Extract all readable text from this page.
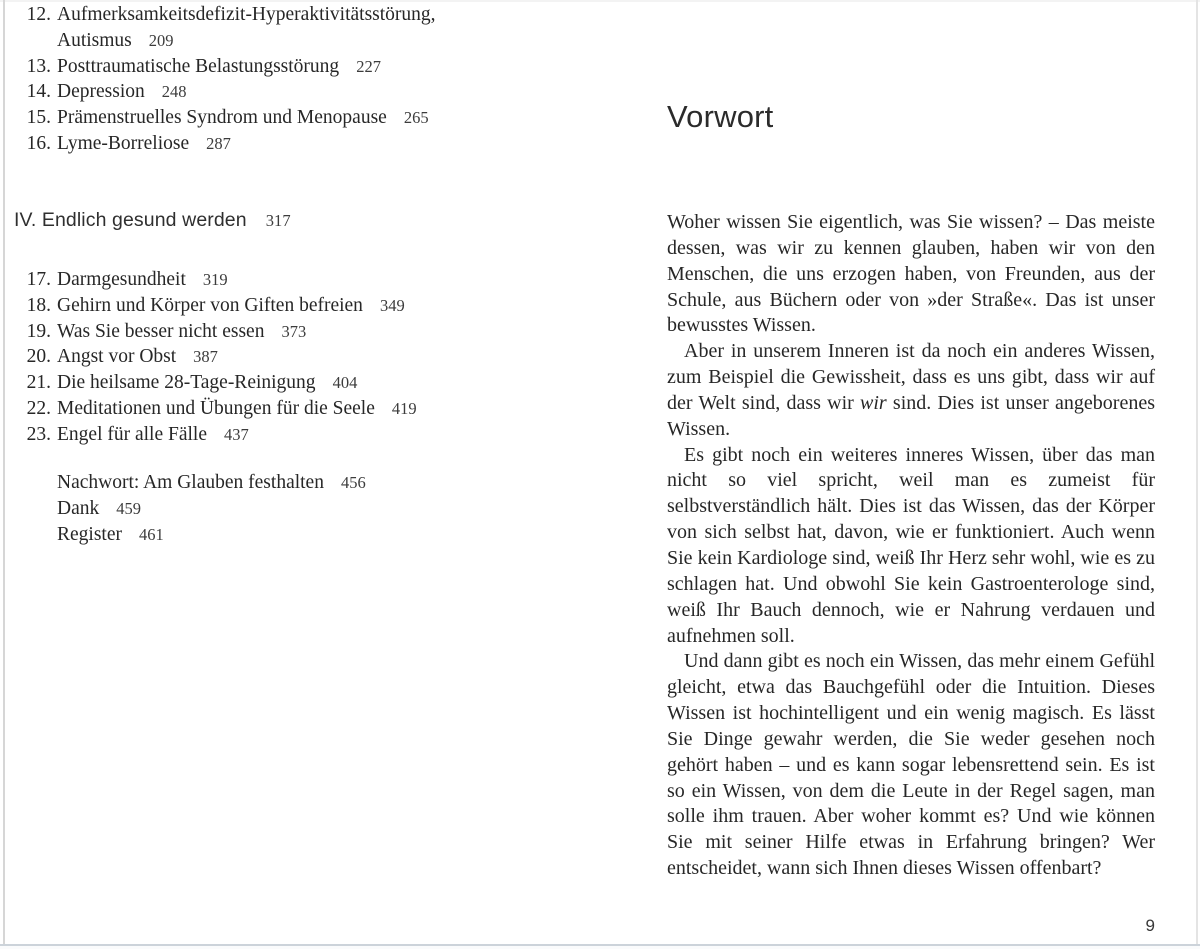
12. Aufmerksamkeitsdefizit-Hyperaktivitätsstörung,
Autismus 209
13. Posttraumatische Belastungsstörung 227
14. Depression 248
15. Prämenstruelles Syndrom und Menopause 265
16. Lyme-Borreliose 287
IV. Endlich gesund werden 317
17. Darmgesundheit 319
18. Gehirn und Körper von Giften befreien 349
19. Was Sie besser nicht essen 373
20. Angst vor Obst 387
21. Die heilsame 28-Tage-Reinigung 404
22. Meditationen und Übungen für die Seele 419
23. Engel für alle Fälle 437
Nachwort: Am Glauben festhalten 456
Dank 459
Register 461
Vorwort

Woher wissen Sie eigentlich, was Sie wissen? – Das meiste dessen, was wir zu kennen glauben, haben wir von den Menschen, die uns erzogen haben, von Freunden, aus der Schule, aus Büchern oder von »der Straße«. Das ist unser bewusstes Wissen.

Aber in unserem Inneren ist da noch ein anderes Wissen, zum Beispiel die Gewissheit, dass es uns gibt, dass wir auf der Welt sind, dass wir wir sind. Dies ist unser angeborenes Wissen.

Es gibt noch ein weiteres inneres Wissen, über das man nicht so viel spricht, weil man es zumeist für selbstverständlich hält. Dies ist das Wissen, das der Körper von sich selbst hat, davon, wie er funktioniert. Auch wenn Sie kein Kardiologe sind, weiß Ihr Herz sehr wohl, wie es zu schlagen hat. Und obwohl Sie kein Gastroenterologe sind, weiß Ihr Bauch dennoch, wie er Nahrung verdauen und aufnehmen soll.

Und dann gibt es noch ein Wissen, das mehr einem Gefühl gleicht, etwa das Bauchgefühl oder die Intuition. Dieses Wissen ist hochintelligent und ein wenig magisch. Es lässt Sie Dinge gewahr werden, die Sie weder gesehen noch gehört haben – und es kann sogar lebensrettend sein. Es ist so ein Wissen, von dem die Leute in der Regel sagen, man solle ihm trauen. Aber woher kommt es? Und wie können Sie mit seiner Hilfe etwas in Erfahrung bringen? Wer entscheidet, wann sich Ihnen dieses Wissen offenbart?

9
